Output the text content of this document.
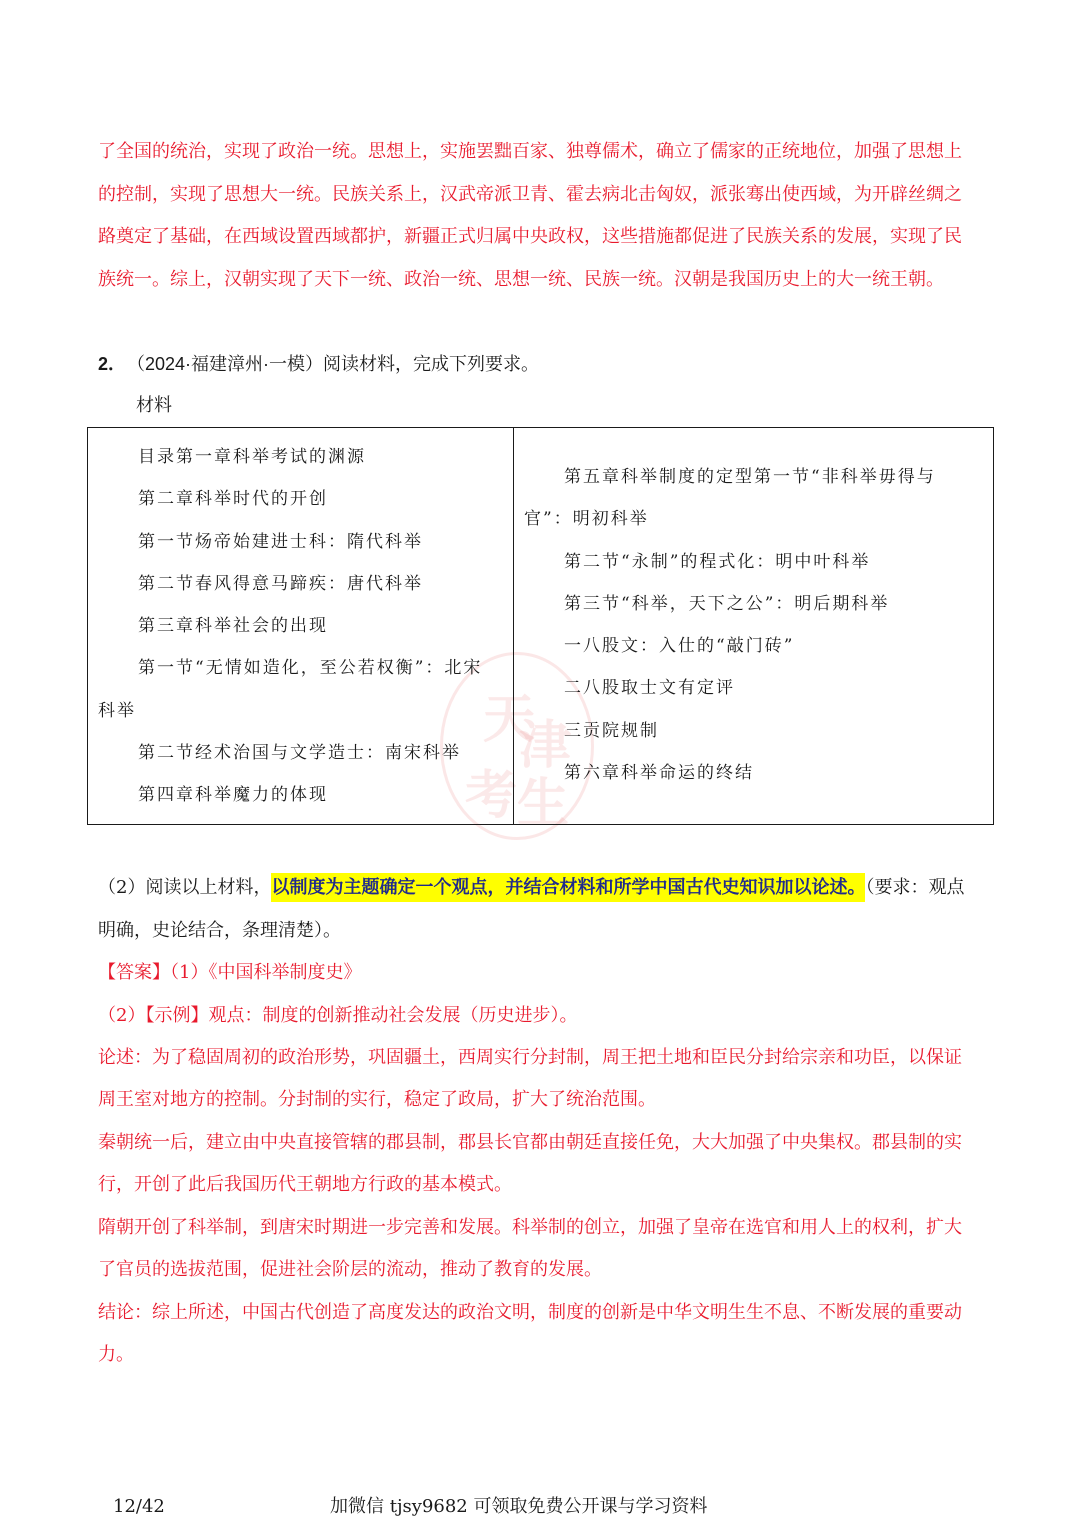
天
津
考 生

了全国的统治，实现了政治一统。思想上，实施罢黜百家、独尊儒术，确立了儒家的正统地位，加强了思想上的控制，实现了思想大一统。民族关系上，汉武帝派卫青、霍去病北击匈奴，派张骞出使西域，为开辟丝绸之路奠定了基础，在西域设置西域都护，新疆正式归属中央政权，这些措施都促进了民族关系的发展，实现了民族统一。综上，汉朝实现了天下一统、政治一统、思想一统、民族一统。汉朝是我国历史上的大一统王朝。

2． （2024·福建漳州·一模）阅读材料，完成下列要求。
材料
目录第一章科举考试的渊源
第二章科举时代的开创
第一节炀帝始建进士科：隋代科举
第二节春风得意马蹄疾：唐代科举
第三章科举社会的出现
第一节“无情如造化，至公若权衡”：北宋科举
第二节经术治国与文学造士：南宋科举
第四章科举魔力的体现

第五章科举制度的定型第一节“非科举毋得与官”：明初科举
第二节“永制”的程式化：明中叶科举
第三节“科举，天下之公”：明后期科举
一八股文：入仕的“敲门砖”
二八股取士文有定评
三贡院规制
第六章科举命运的终结

（2）阅读以上材料，以制度为主题确定一个观点，并结合材料和所学中国古代史知识加以论述。（要求：观点明确，史论结合，条理清楚）。

【答案】（1）《中国科举制度史》
（2）【示例】观点：制度的创新推动社会发展（历史进步）。

论述：为了稳固周初的政治形势，巩固疆土，西周实行分封制，周王把土地和臣民分封给宗亲和功臣，以保证周王室对地方的控制。分封制的实行，稳定了政局，扩大了统治范围。

秦朝统一后，建立由中央直接管辖的郡县制，郡县长官都由朝廷直接任免，大大加强了中央集权。郡县制的实行，开创了此后我国历代王朝地方行政的基本模式。

隋朝开创了科举制，到唐宋时期进一步完善和发展。科举制的创立，加强了皇帝在选官和用人上的权利，扩大了官员的选拔范围，促进社会阶层的流动，推动了教育的发展。

结论：综上所述，中国古代创造了高度发达的政治文明，制度的创新是中华文明生生不息、不断发展的重要动力。

12/42	加微信 tjsy9682 可领取免费公开课与学习资料
